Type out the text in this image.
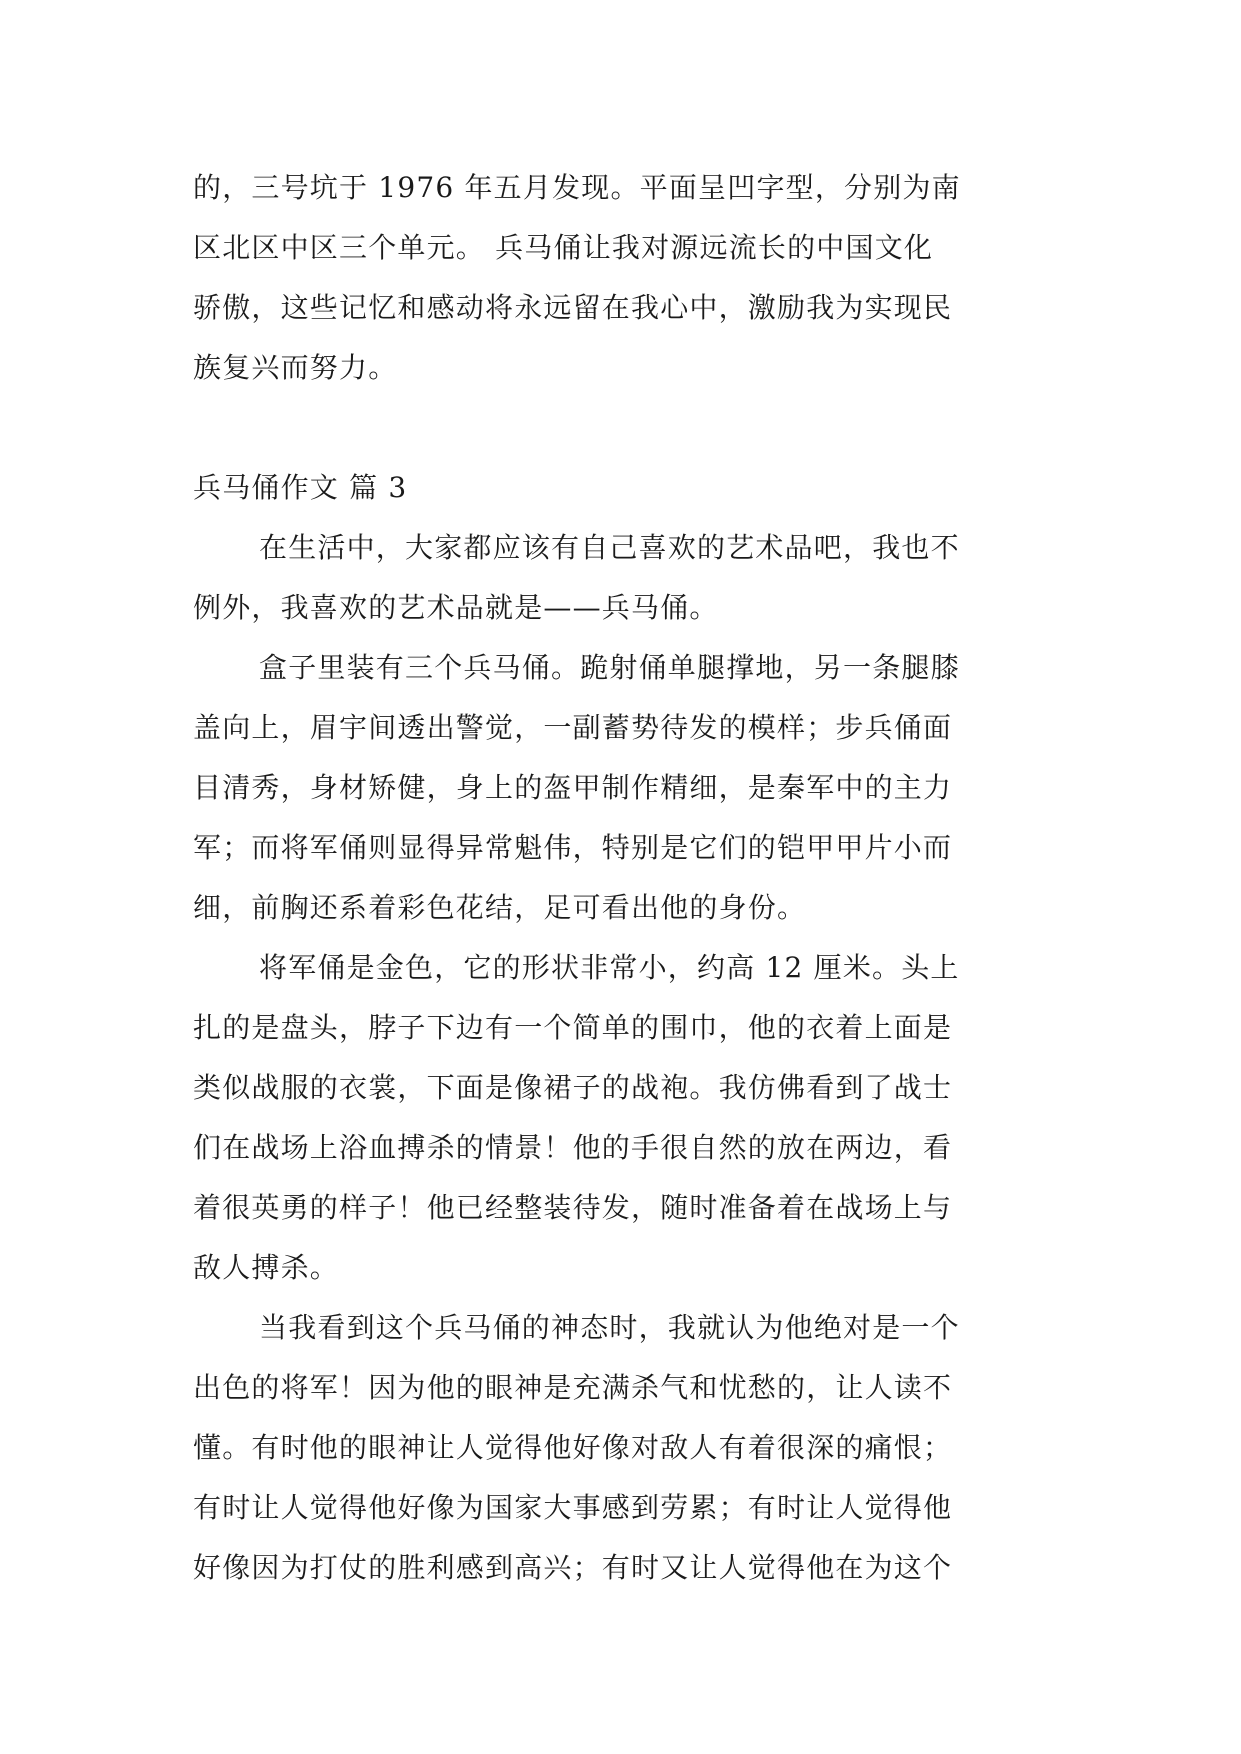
的，三号坑于 1976 年五月发现。平面呈凹字型，分别为南
区北区中区三个单元。 兵马俑让我对源远流长的中国文化
骄傲，这些记忆和感动将永远留在我心中，激励我为实现民
族复兴而努力。
兵马俑作文 篇 3
在生活中，大家都应该有自己喜欢的艺术品吧，我也不
例外，我喜欢的艺术品就是——兵马俑。
盒子里装有三个兵马俑。跪射俑单腿撑地，另一条腿膝
盖向上，眉宇间透出警觉，一副蓄势待发的模样；步兵俑面
目清秀，身材矫健，身上的盔甲制作精细，是秦军中的主力
军；而将军俑则显得异常魁伟，特别是它们的铠甲甲片小而
细，前胸还系着彩色花结，足可看出他的身份。
将军俑是金色，它的形状非常小，约高 12 厘米。头上
扎的是盘头，脖子下边有一个简单的围巾，他的衣着上面是
类似战服的衣裳，下面是像裙子的战袍。我仿佛看到了战士
们在战场上浴血搏杀的情景！他的手很自然的放在两边，看
着很英勇的样子！他已经整装待发，随时准备着在战场上与
敌人搏杀。
当我看到这个兵马俑的神态时，我就认为他绝对是一个
出色的将军！因为他的眼神是充满杀气和忧愁的，让人读不
懂。有时他的眼神让人觉得他好像对敌人有着很深的痛恨；
有时让人觉得他好像为国家大事感到劳累；有时让人觉得他
好像因为打仗的胜利感到高兴；有时又让人觉得他在为这个
